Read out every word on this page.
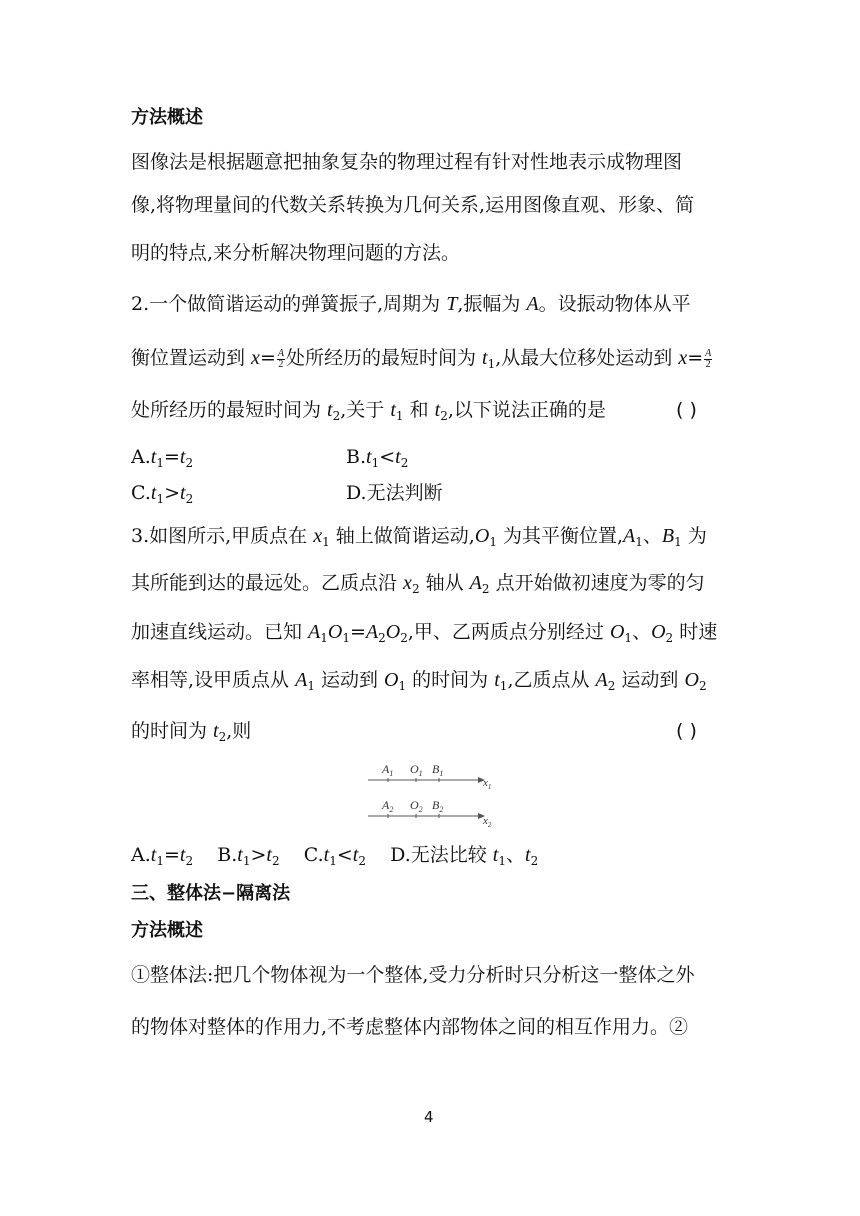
方法概述
图像法是根据题意把抽象复杂的物理过程有针对性地表示成物理图
像,将物理量间的代数关系转换为几何关系,运用图像直观、形象、简
明的特点,来分析解决物理问题的方法。
2.一个做简谐运动的弹簧振子,周期为 T,振幅为 A。设振动物体从平
衡位置运动到 $x= \frac{A}{2}$ 处所经历的最短时间为 $t_1$,从最大位移处运动到 $x= \frac{A}{2}$
处所经历的最短时间为 $t_2$,关于 $t_1$ 和 $t_2$,以下说法正确的是	( )
$A.t_1=t_2$	$B.t_1<t_2$
$C.t_1>t_2$	D.无法判断
3.如图所示,甲质点在 $x_1$ 轴上做简谐运动$,O_1$ 为其平衡位置$,A_1$、$B_1$ 为
其所能到达的最远处。乙质点沿 $x_2$ 轴从 $A_2$ 点开始做初速度为零的匀
加速直线运动。已知 $A_1O_1=A_2O_2$,甲、乙两质点分别经过 $O_1$、$O_2$ 时速
率相等,设甲质点从 $A_1$ 运动到 $O_1$ 的时间为 $t_1$,乙质点从 $A_2$ 运动到 $O_2$
的时间为 $t_2$,则	( )
$A_1$ $O_1$ $B_1$
$x_1$
$A_2$ $O_2$ $B_2$
$x_2$
$A.t_1=t_2$    $B.t_1>t_2$    $C.t_1<t_2$    D.无法比较 $t_1$、$t_2$
三、整体法−隔离法
方法概述
①整体法:把几个物体视为一个整体,受力分析时只分析这一整体之外
的物体对整体的作用力,不考虑整体内部物体之间的相互作用力。②
4
